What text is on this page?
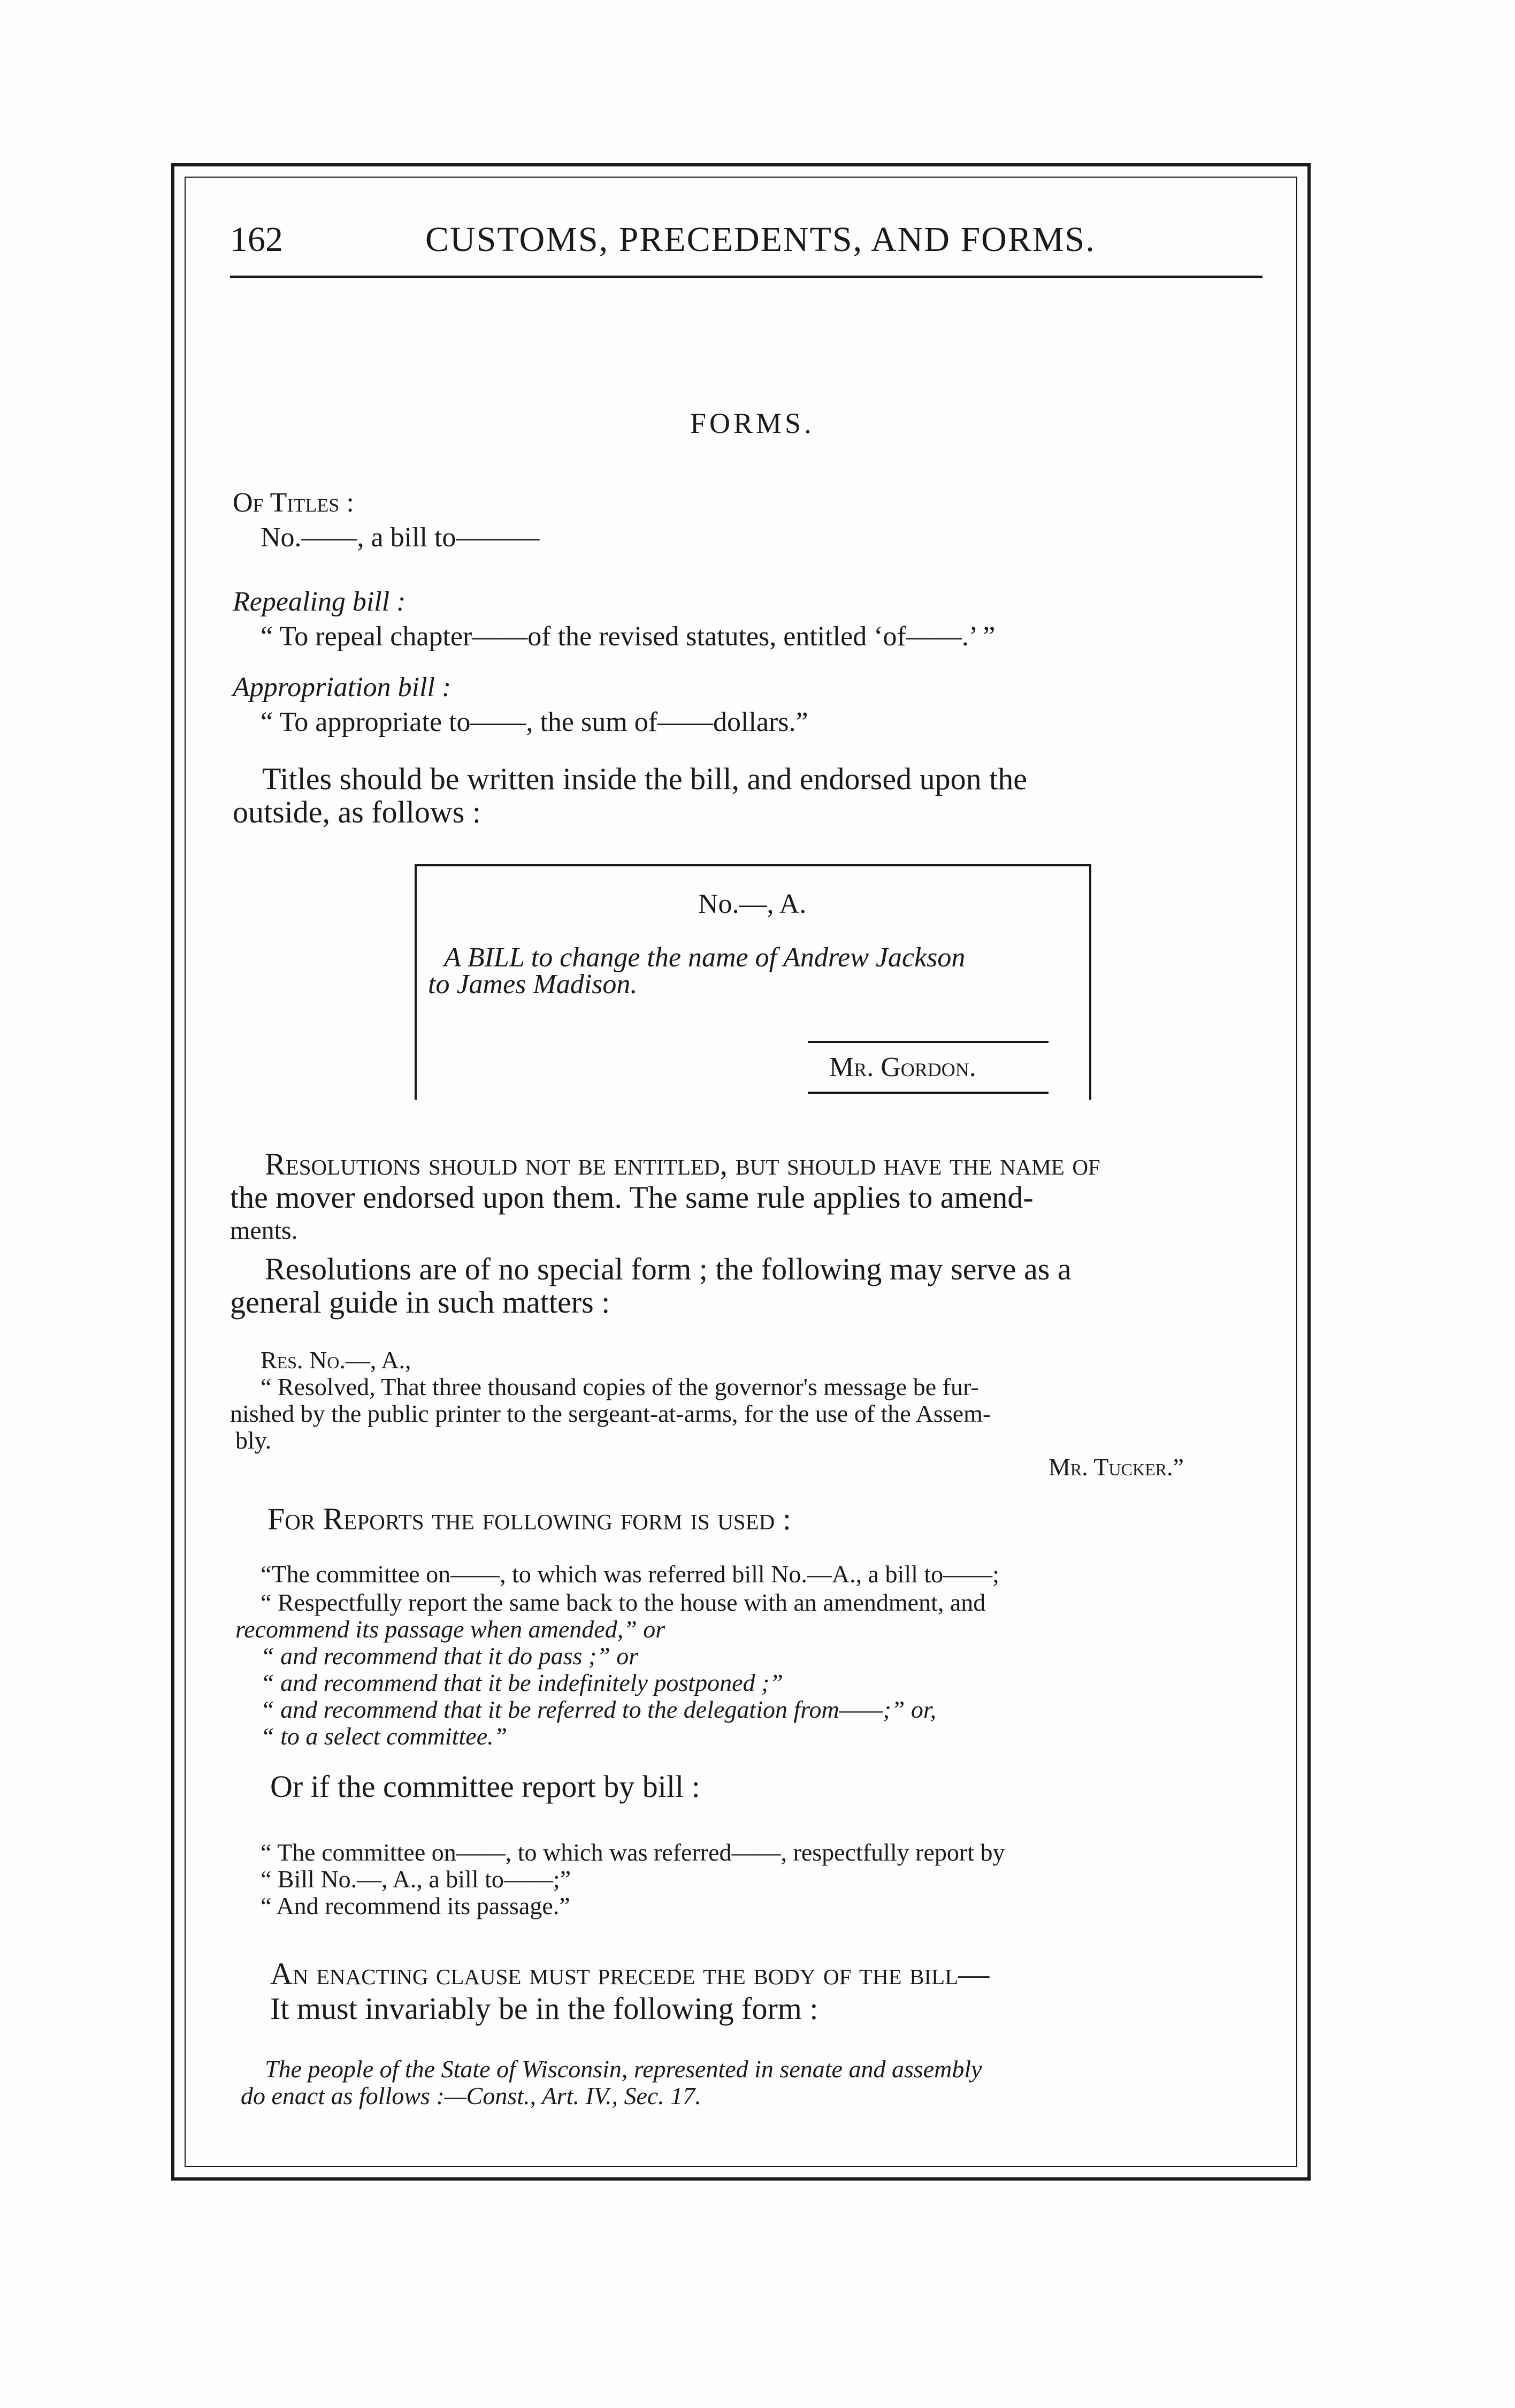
162	CUSTOMS, PRECEDENTS, AND FORMS.
FORMS.
Of Titles :
No.——, a bill to———
Repealing bill :
“ To repeal chapter——of the revised statutes, entitled ‘of——.’ ”
Appropriation bill :
“ To appropriate to——, the sum of——dollars.”
Titles should be written inside the bill, and endorsed upon the
outside, as follows :
No.—, A.
A BILL to change the name of Andrew Jackson
to James Madison.
Mr. Gordon.
Resolutions should not be entitled, but should have the name of
the mover endorsed upon them. The same rule applies to amend-
ments.
Resolutions are of no special form ; the following may serve as a
general guide in such matters :
Res. No.—, A.,
“ Resolved, That three thousand copies of the governor's message be fur-
nished by the public printer to the sergeant-at-arms, for the use of the Assem-
bly.
Mr. Tucker.”
For Reports the following form is used :
“The committee on——, to which was referred bill No.—A., a bill to——;
“ Respectfully report the same back to the house with an amendment, and
recommend its passage when amended,” or
“ and recommend that it do pass ;” or
“ and recommend that it be indefinitely postponed ;”
“ and recommend that it be referred to the delegation from——;” or,
“ to a select committee.”
Or if the committee report by bill :
“ The committee on——, to which was referred——, respectfully report by
“ Bill No.—, A., a bill to——;”
“ And recommend its passage.”
An enacting clause must precede the body of the bill—
It must invariably be in the following form :
The people of the State of Wisconsin, represented in senate and assembly
do enact as follows :—Const., Art. IV., Sec. 17.
